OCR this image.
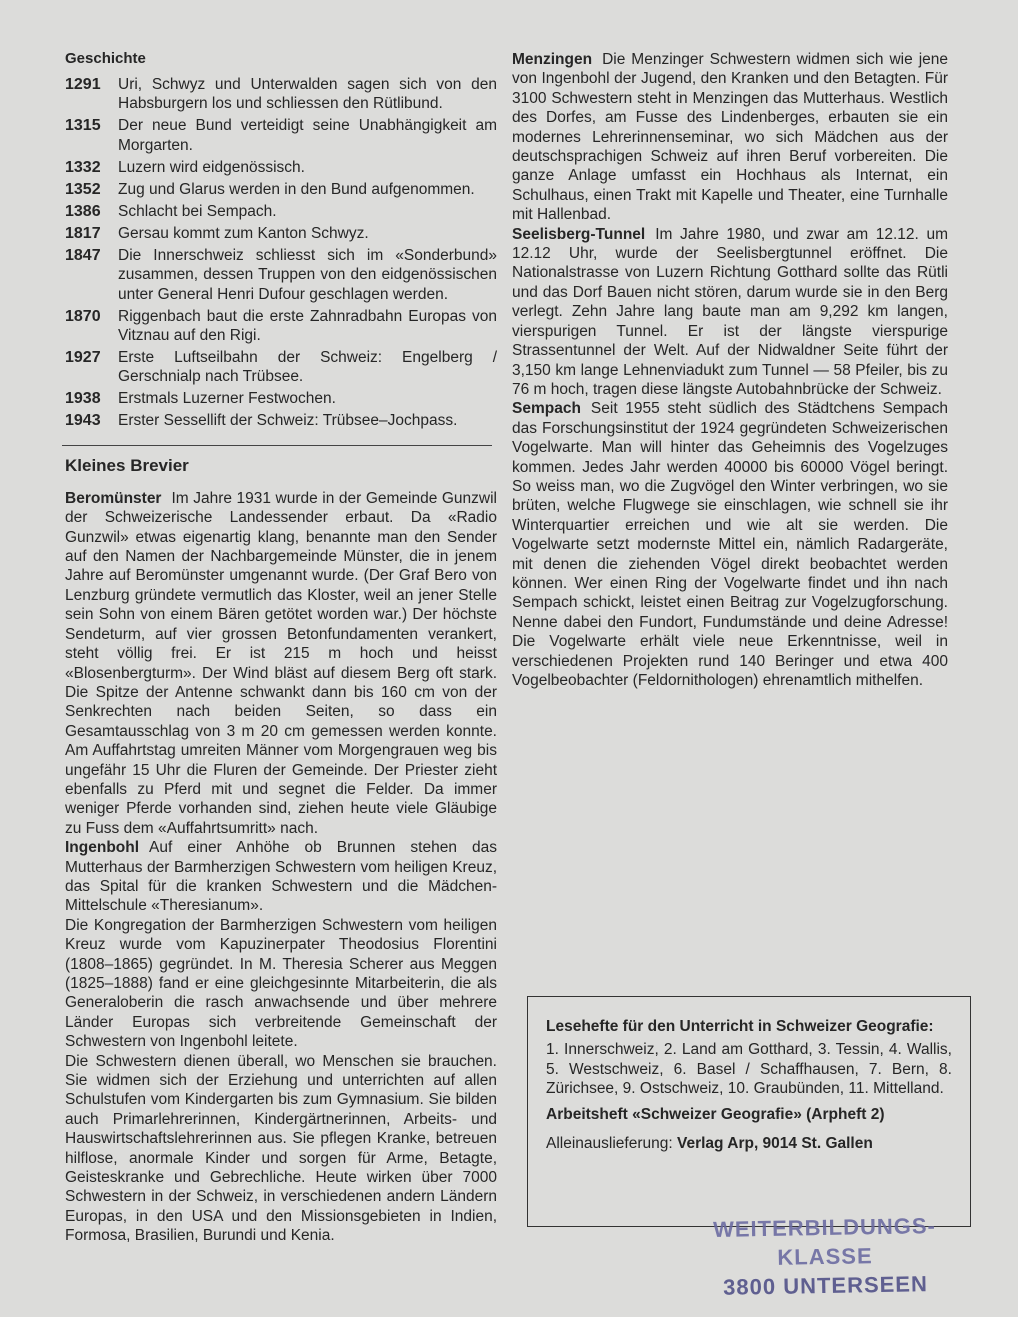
Geschichte
1291	Uri, Schwyz und Unterwalden sagen sich von den Habsburgern los und schliessen den Rütlibund.
1315	Der neue Bund verteidigt seine Unabhängigkeit am Morgarten.
1332	Luzern wird eidgenössisch.
1352	Zug und Glarus werden in den Bund aufgenommen.
1386	Schlacht bei Sempach.
1817	Gersau kommt zum Kanton Schwyz.
1847	Die Innerschweiz schliesst sich im «Sonderbund» zusammen, dessen Truppen von den eidgenössischen unter General Henri Dufour geschlagen werden.
1870	Riggenbach baut die erste Zahnradbahn Europas von Vitznau auf den Rigi.
1927	Erste Luftseilbahn der Schweiz: Engelberg / Gerschnialp nach Trübsee.
1938	Erstmals Luzerner Festwochen.
1943	Erster Sessellift der Schweiz: Trübsee–Jochpass.
Kleines Brevier

Beromünster Im Jahre 1931 wurde in der Gemeinde Gunzwil der Schweizerische Landessender erbaut. Da «Radio Gunzwil» etwas eigenartig klang, benannte man den Sender auf den Namen der Nachbargemeinde Münster, die in jenem Jahre auf Beromünster umgenannt wurde. (Der Graf Bero von Lenzburg gründete vermutlich das Kloster, weil an jener Stelle sein Sohn von einem Bären getötet worden war.) Der höchste Sendeturm, auf vier grossen Betonfundamenten verankert, steht völlig frei. Er ist 215 m hoch und heisst «Blosenbergturm». Der Wind bläst auf diesem Berg oft stark. Die Spitze der Antenne schwankt dann bis 160 cm von der Senkrechten nach beiden Seiten, so dass ein Gesamtausschlag von 3 m 20 cm gemessen werden konnte. Am Auffahrtstag umreiten Männer vom Morgengrauen weg bis ungefähr 15 Uhr die Fluren der Gemeinde. Der Priester zieht ebenfalls zu Pferd mit und segnet die Felder. Da immer weniger Pferde vorhanden sind, ziehen heute viele Gläubige zu Fuss dem «Auffahrtsumritt» nach.

Ingenbohl Auf einer Anhöhe ob Brunnen stehen das Mutterhaus der Barmherzigen Schwestern vom heiligen Kreuz, das Spital für die kranken Schwestern und die Mädchen-Mittelschule «Theresianum».

Die Kongregation der Barmherzigen Schwestern vom heiligen Kreuz wurde vom Kapuzinerpater Theodosius Florentini (1808–1865) gegründet. In M. Theresia Scherer aus Meggen (1825–1888) fand er eine gleichgesinnte Mitarbeiterin, die als Generaloberin die rasch anwachsende und über mehrere Länder Europas sich verbreitende Gemeinschaft der Schwestern von Ingenbohl leitete.

Die Schwestern dienen überall, wo Menschen sie brauchen. Sie widmen sich der Erziehung und unterrichten auf allen Schulstufen vom Kindergarten bis zum Gymnasium. Sie bilden auch Primarlehrerinnen, Kindergärtnerinnen, Arbeits- und Hauswirtschaftslehrerinnen aus. Sie pflegen Kranke, betreuen hilflose, anormale Kinder und sorgen für Arme, Betagte, Geisteskranke und Gebrechliche. Heute wirken über 7000 Schwestern in der Schweiz, in verschiedenen andern Ländern Europas, in den USA und den Missionsgebieten in Indien, Formosa, Brasilien, Burundi und Kenia.

Menzingen Die Menzinger Schwestern widmen sich wie jene von Ingenbohl der Jugend, den Kranken und den Betagten. Für 3100 Schwestern steht in Menzingen das Mutterhaus. Westlich des Dorfes, am Fusse des Lindenberges, erbauten sie ein modernes Lehrerinnenseminar, wo sich Mädchen aus der deutschsprachigen Schweiz auf ihren Beruf vorbereiten. Die ganze Anlage umfasst ein Hochhaus als Internat, ein Schulhaus, einen Trakt mit Kapelle und Theater, eine Turnhalle mit Hallenbad.

Seelisberg-Tunnel Im Jahre 1980, und zwar am 12.12. um 12.12 Uhr, wurde der Seelisbergtunnel eröffnet. Die Nationalstrasse von Luzern Richtung Gotthard sollte das Rütli und das Dorf Bauen nicht stören, darum wurde sie in den Berg verlegt. Zehn Jahre lang baute man am 9,292 km langen, vierspurigen Tunnel. Er ist der längste vierspurige Strassentunnel der Welt. Auf der Nidwaldner Seite führt der 3,150 km lange Lehnenviadukt zum Tunnel — 58 Pfeiler, bis zu 76 m hoch, tragen diese längste Autobahnbrücke der Schweiz.

Sempach Seit 1955 steht südlich des Städtchens Sempach das Forschungsinstitut der 1924 gegründeten Schweizerischen Vogelwarte. Man will hinter das Geheimnis des Vogelzuges kommen. Jedes Jahr werden 40000 bis 60000 Vögel beringt. So weiss man, wo die Zugvögel den Winter verbringen, wo sie brüten, welche Flugwege sie einschlagen, wie schnell sie ihr Winterquartier erreichen und wie alt sie werden. Die Vogelwarte setzt modernste Mittel ein, nämlich Radargeräte, mit denen die ziehenden Vögel direkt beobachtet werden können. Wer einen Ring der Vogelwarte findet und ihn nach Sempach schickt, leistet einen Beitrag zur Vogelzugforschung. Nenne dabei den Fundort, Fundumstände und deine Adresse! Die Vogelwarte erhält viele neue Erkenntnisse, weil in verschiedenen Projekten rund 140 Beringer und etwa 400 Vogelbeobachter (Feldornithologen) ehrenamtlich mithelfen.

Lesehefte für den Unterricht in Schweizer Geografie:

1. Innerschweiz, 2. Land am Gotthard, 3. Tessin, 4. Wallis, 5. Westschweiz, 6. Basel / Schaffhausen, 7. Bern, 8. Zürichsee, 9. Ostschweiz, 10. Graubünden, 11. Mittelland.

Arbeitsheft «Schweizer Geografie» (Arpheft 2)

Alleinauslieferung: Verlag Arp, 9014 St. Gallen

WEITERBILDUNGS-
KLASSE
3800 UNTERSEEN
